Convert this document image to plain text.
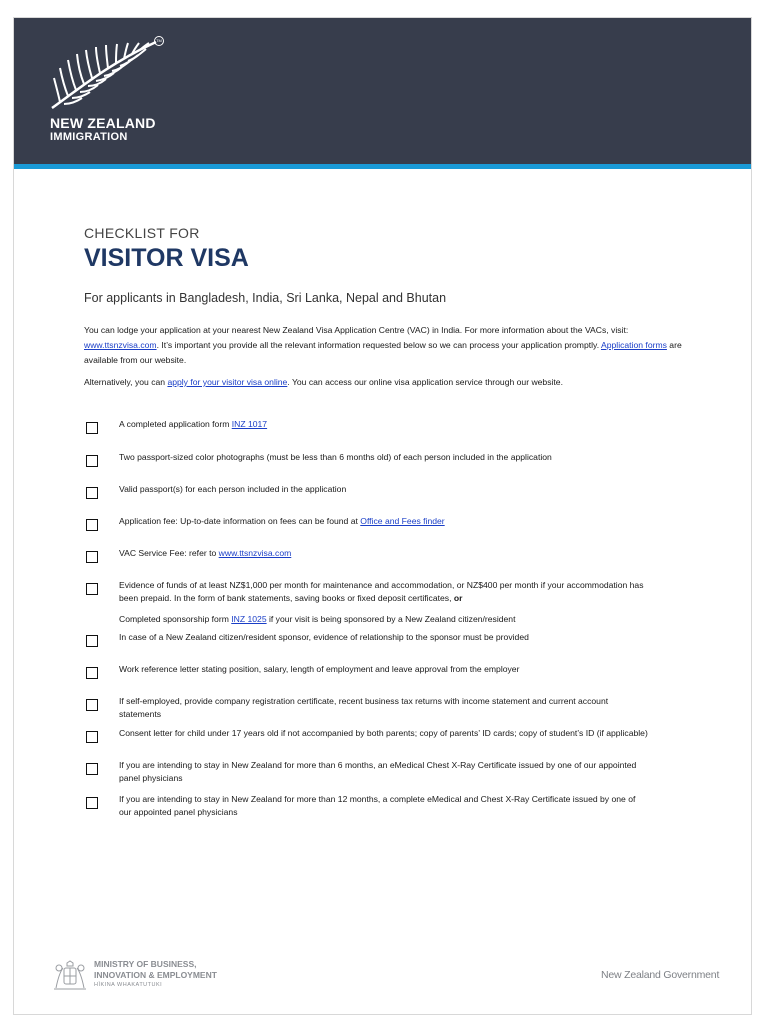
TM
NEW ZEALAND
IMMIGRATION
CHECKLIST FOR
VISITOR VISA
For applicants in Bangladesh, India, Sri Lanka, Nepal and Bhutan
You can lodge your application at your nearest New Zealand Visa Application Centre (VAC) in India. For more information about the VACs, visit: www.ttsnzvisa.com. It’s important you provide all the relevant information requested below so we can process your application promptly. Application forms are available from our website.
Alternatively, you can apply for your visitor visa online. You can access our online visa application service through our website.
A completed application form INZ 1017
Two passport-sized color photographs (must be less than 6 months old) of each person included in the application
Valid passport(s) for each person included in the application
Application fee: Up-to-date information on fees can be found at Office and Fees finder
VAC Service Fee: refer to www.ttsnzvisa.com
Evidence of funds of at least NZ$1,000 per month for maintenance and accommodation, or NZ$400 per month if your accommodation has been prepaid. In the form of bank statements, saving books or fixed deposit certificates, or
Completed sponsorship form INZ 1025 if your visit is being sponsored by a New Zealand citizen/resident
In case of a New Zealand citizen/resident sponsor, evidence of relationship to the sponsor must be provided
Work reference letter stating position, salary, length of employment and leave approval from the employer
If self-employed, provide company registration certificate, recent business tax returns with income statement and current account statements
Consent letter for child under 17 years old if not accompanied by both parents; copy of parents’ ID cards; copy of student’s ID (if applicable)
If you are intending to stay in New Zealand for more than 6 months, an eMedical Chest X-Ray Certificate issued by one of our appointed panel physicians
If you are intending to stay in New Zealand for more than 12 months, a complete eMedical and Chest X-Ray Certificate issued by one of our appointed panel physicians
MINISTRY OF BUSINESS,
INNOVATION & EMPLOYMENT
HĪKINA WHAKATUTUKI
New Zealand Government
